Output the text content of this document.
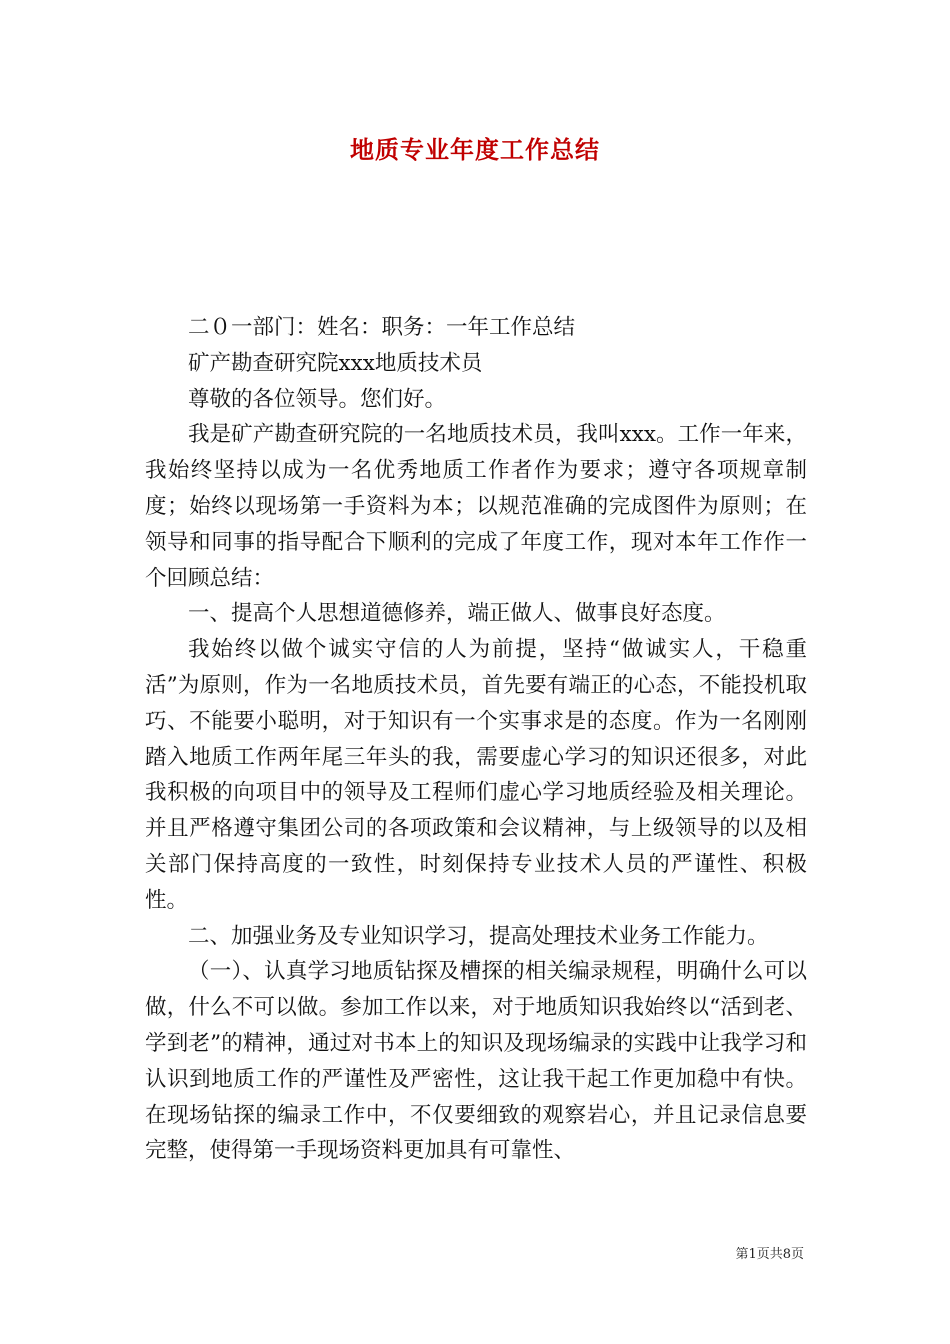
地质专业年度工作总结

二０一部门：姓名：职务：一年工作总结

矿产勘查研究院xxx地质技术员

尊敬的各位领导。您们好。

我是矿产勘查研究院的一名地质技术员，我叫xxx。工作一年来，我始终坚持以成为一名优秀地质工作者作为要求；遵守各项规章制度；始终以现场第一手资料为本；以规范准确的完成图件为原则；在领导和同事的指导配合下顺利的完成了年度工作，现对本年工作作一个回顾总结：

一、提高个人思想道德修养，端正做人、做事良好态度。

我始终以做个诚实守信的人为前提，坚持“做诚实人，干稳重活”为原则，作为一名地质技术员，首先要有端正的心态，不能投机取巧、不能要小聪明，对于知识有一个实事求是的态度。作为一名刚刚踏入地质工作两年尾三年头的我，需要虚心学习的知识还很多，对此我积极的向项目中的领导及工程师们虚心学习地质经验及相关理论。并且严格遵守集团公司的各项政策和会议精神，与上级领导的以及相关部门保持高度的一致性，时刻保持专业技术人员的严谨性、积极性。

二、加强业务及专业知识学习，提高处理技术业务工作能力。

（一）、认真学习地质钻探及槽探的相关编录规程，明确什么可以做，什么不可以做。参加工作以来，对于地质知识我始终以“活到老、学到老”的精神，通过对书本上的知识及现场编录的实践中让我学习和认识到地质工作的严谨性及严密性，这让我干起工作更加稳中有快。在现场钻探的编录工作中，不仅要细致的观察岩心，并且记录信息要完整，使得第一手现场资料更加具有可靠性、

第1页共8页
